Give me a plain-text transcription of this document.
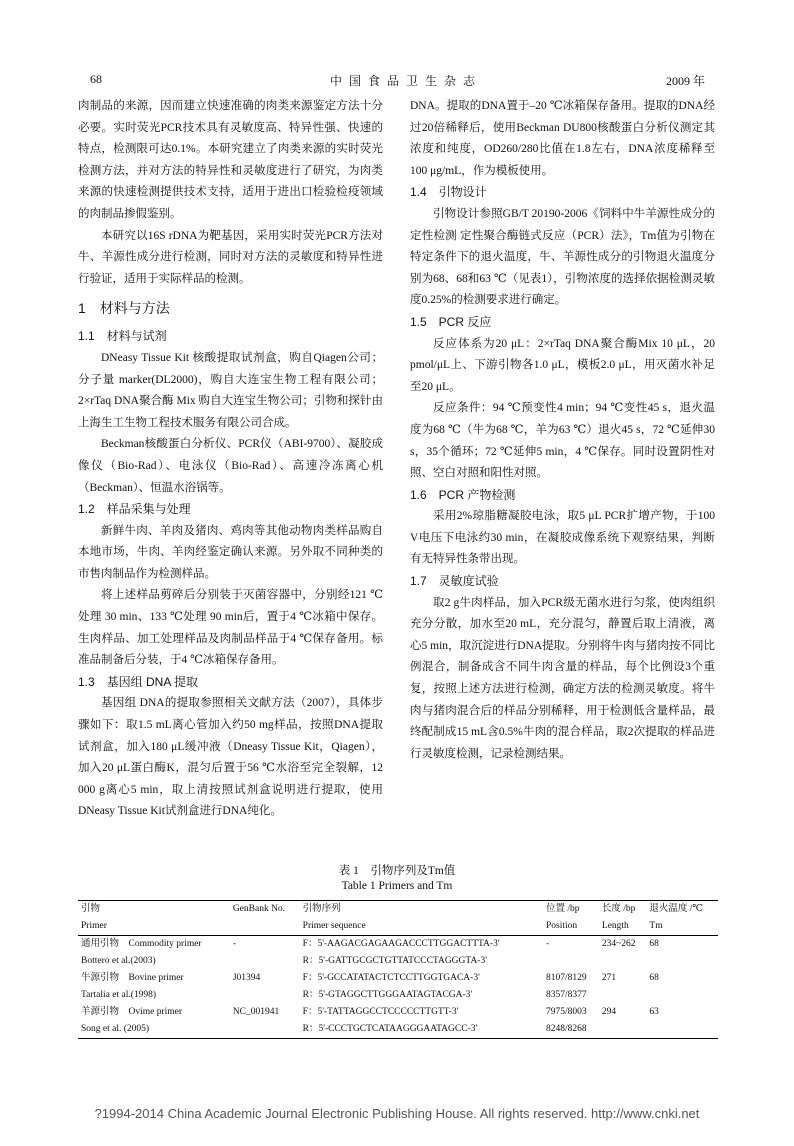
68	中 国 食 品 卫 生 杂 志	2009 年

肉制品的来源，因而建立快速准确的肉类来源鉴定方法十分必要。实时荧光PCR技术具有灵敏度高、特异性强、快速的特点，检测限可达0.1%。本研究建立了肉类来源的实时荧光检测方法，并对方法的特异性和灵敏度进行了研究，为肉类来源的快速检测提供技术支持，适用于进出口检验检疫领域的肉制品掺假鉴别。

本研究以16S rDNA为靶基因，采用实时荧光PCR方法对牛、羊源性成分进行检测，同时对方法的灵敏度和特异性进行验证，适用于实际样品的检测。

1　材料与方法

1.1　材料与试剂

DNeasy Tissue Kit 核酸提取试剂盒，购自Qiagen公司；分子量 marker(DL2000)，购自大连宝生物工程有限公司；2×rTaq DNA聚合酶 Mix 购自大连宝生物公司；引物和探针由上海生工生物工程技术服务有限公司合成。

Beckman核酸蛋白分析仪、PCR仪（ABI-9700）、凝胶成像仪（Bio-Rad）、电泳仪（Bio-Rad）、高速冷冻离心机（Beckman）、恒温水浴锅等。

1.2　样品采集与处理

新鲜牛肉、羊肉及猪肉、鸡肉等其他动物肉类样品购自本地市场，牛肉、羊肉经鉴定确认来源。另外取不同种类的市售肉制品作为检测样品。

将上述样品剪碎后分别装于灭菌容器中，分别经121 ℃处理 30 min、133 ℃处理 90 min后，置于4 ℃冰箱中保存。生肉样品、加工处理样品及肉制品样品于4 ℃保存备用。标准品制备后分装，于4 ℃冰箱保存备用。

1.3　基因组 DNA 提取

基因组 DNA的提取参照相关文献方法（2007），具体步骤如下：取1.5 mL离心管加入约50 mg样品，按照DNA提取试剂盒，加入180 μL缓冲液（Dneasy Tissue Kit，Qiagen），加入20 μL蛋白酶K，混匀后置于56 ℃水浴至完全裂解，12 000 g离心5 min，取上清按照试剂盒说明进行提取，使用DNeasy Tissue Kit试剂盒进行DNA纯化。

DNA。提取的DNA置于–20 ℃冰箱保存备用。提取的DNA经过20倍稀释后，使用Beckman DU800核酸蛋白分析仪测定其浓度和纯度，OD260/280比值在1.8左右，DNA浓度稀释至100 μg/mL，作为模板使用。

1.4　引物设计

引物设计参照GB/T 20190-2006《饲料中牛羊源性成分的定性检测 定性聚合酶链式反应（PCR）法》，Tm值为引物在特定条件下的退火温度，牛、羊源性成分的引物退火温度分别为68、68和63 ℃（见表1），引物浓度的选择依据检测灵敏度0.25%的检测要求进行确定。

1.5　PCR 反应

反应体系为20 μL：2×rTaq DNA聚合酶Mix 10 μL，20 pmol/μL上、下游引物各1.0 μL，模板2.0 μL，用灭菌水补足至20 μL。

反应条件：94 ℃预变性4 min；94 ℃变性45 s，退火温度为68 ℃（牛为68 ℃，羊为63 ℃）退火45 s，72 ℃延伸30 s，35个循环；72 ℃延伸5 min，4 ℃保存。同时设置阴性对照、空白对照和阳性对照。

1.6　PCR 产物检测

采用2%琼脂糖凝胶电泳，取5 μL PCR扩增产物，于100 V电压下电泳约30 min，在凝胶成像系统下观察结果，判断有无特异性条带出现。

1.7　灵敏度试验

取2 g牛肉样品，加入PCR级无菌水进行匀浆，使肉组织充分分散，加水至20 mL，充分混匀，静置后取上清液，离心5 min，取沉淀进行DNA提取。分别将牛肉与猪肉按不同比例混合，制备成含不同牛肉含量的样品，每个比例设3个重复，按照上述方法进行检测，确定方法的检测灵敏度。将牛肉与猪肉混合后的样品分别稀释，用于检测低含量样品，最终配制成15 mL含0.5%牛肉的混合样品，取2次提取的样品进行灵敏度检测，记录检测结果。

表 1　引物序列及Tm值
Table 1 Primers and Tm
引物	GenBank No.	引物序列	位置 /bp	长度 /bp	退火温度 /℃
Primer		Primer sequence	Position	Length	Tm
通用引物　Commodity primer	-	F：5'-AAGACGAGAAGACCCTTGGACTTTA-3'	-	234~262	68
Bottero et al.(2003)		R：5'-GATTGCGCTGTTATCCCTAGGGTA-3'			
牛源引物　Bovine primer	J01394	F：5'-GCCATATACTCTCCTTGGTGACA-3'	8107/8129	271	68
Tartalia et al.(1998)		R：5'-GTAGGCTTGGGAATAGTACGA-3'	8357/8377		
羊源引物　Ovime primer	NC_001941	F：5'-TATTAGGCCTCCCCCTTGTT-3'	7975/8003	294	63
Song et al. (2005)		R：5'-CCCTGCTCATAAGGGAATAGCC-3'	8248/8268		
?1994-2014 China Academic Journal Electronic Publishing House. All rights reserved. http://www.cnki.net
